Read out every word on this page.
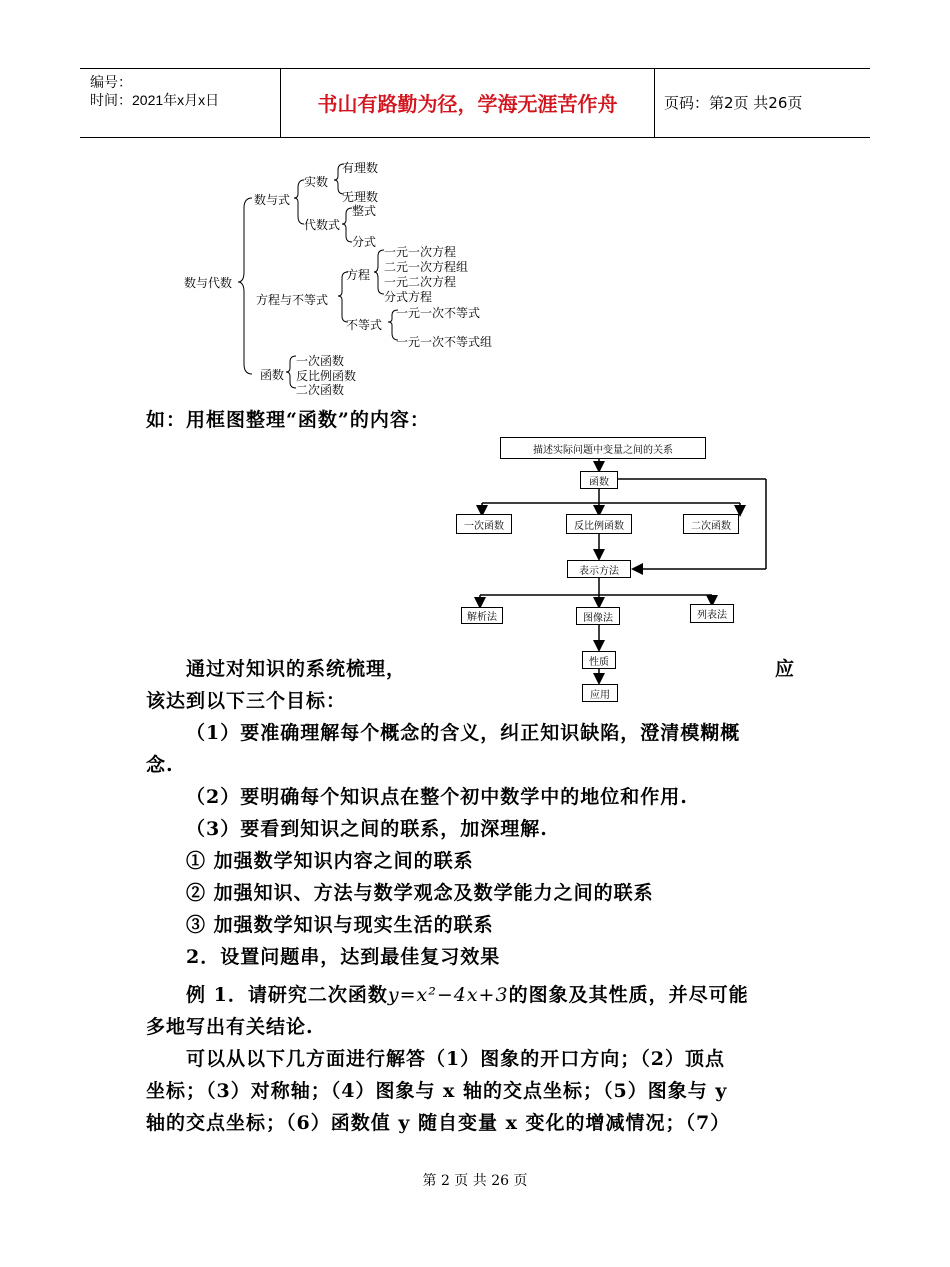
编号：
时间：2021年x月x日	书山有路勤为径，学海无涯苦作舟	页码：第2页 共26页
数与代数
数与式
实数
有理数
无理数
代数式
整式
分式
方程与不等式
方程
一元一次方程
二元一次方程组
一元二次方程
分式方程
不等式
一元一次不等式
一元一次不等式组
函数
一次函数
反比例函数
二次函数
如：用框图整理“函数”的内容：
描述实际问题中变量之间的关系
函数
一次函数	反比例函数	二次函数
表示方法
解析法	图像法	列表法
性质
应用
通过对知识的系统梳理，	应
该达到以下三个目标：
（1）要准确理解每个概念的含义，纠正知识缺陷，澄清模糊概
念.
（2）要明确每个知识点在整个初中数学中的地位和作用.
（3）要看到知识之间的联系，加深理解.
① 加强数学知识内容之间的联系
② 加强知识、方法与数学观念及数学能力之间的联系
③ 加强数学知识与现实生活的联系
2．设置问题串，达到最佳复习效果
例 1．请研究二次函数y=x²−4x+3的图象及其性质，并尽可能
多地写出有关结论.
可以从以下几方面进行解答（1）图象的开口方向；（2）顶点
坐标；（3）对称轴；（4）图象与 x 轴的交点坐标；（5）图象与 y
轴的交点坐标；（6）函数值 y 随自变量 x 变化的增减情况；（7）
第 2 页 共 26 页
